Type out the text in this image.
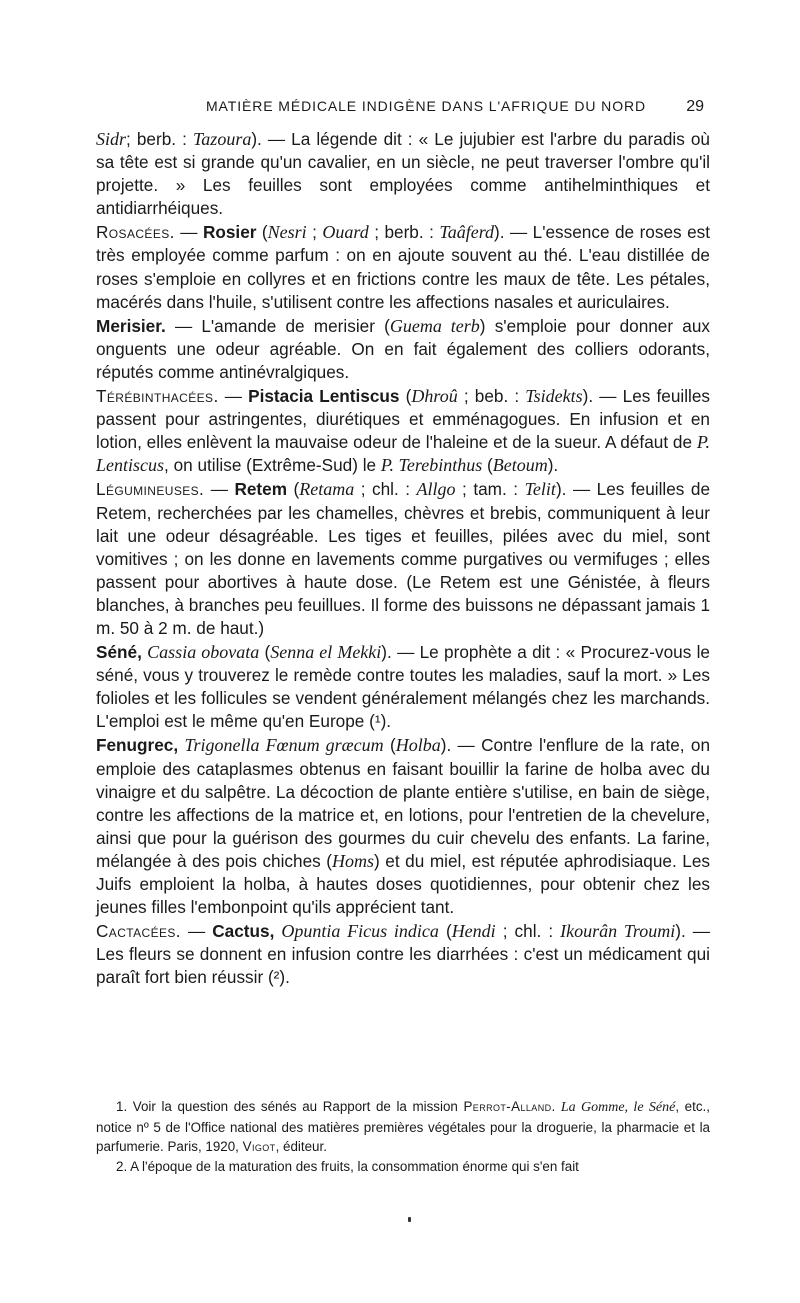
MATIÈRE MÉDICALE INDIGÈNE DANS L'AFRIQUE DU NORD	29

Sidr; berb. : Tazoura). — La légende dit : « Le jujubier est l'arbre du paradis où sa tête est si grande qu'un cavalier, en un siècle, ne peut traverser l'ombre qu'il projette. » Les feuilles sont employées comme antihelminthiques et antidiarrhéiques.

Rosacées. — Rosier (Nesri ; Ouard ; berb. : Taâferd). — L'essence de roses est très employée comme parfum : on en ajoute souvent au thé. L'eau distillée de roses s'emploie en collyres et en frictions contre les maux de tête. Les pétales, macérés dans l'huile, s'utilisent contre les affections nasales et auriculaires.

Merisier. — L'amande de merisier (Guema terb) s'emploie pour donner aux onguents une odeur agréable. On en fait également des colliers odorants, réputés comme antinévralgiques.

Térébinthacées. — Pistacia Lentiscus (Dhroû ; beb. : Tsidekts). — Les feuilles passent pour astringentes, diurétiques et emménagogues. En infusion et en lotion, elles enlèvent la mauvaise odeur de l'haleine et de la sueur. A défaut de P. Lentiscus, on utilise (Extrême-Sud) le P. Terebinthus (Betoum).

Légumineuses. — Retem (Retama ; chl. : Allgo ; tam. : Telit). — Les feuilles de Retem, recherchées par les chamelles, chèvres et brebis, communiquent à leur lait une odeur désagréable. Les tiges et feuilles, pilées avec du miel, sont vomitives ; on les donne en lavements comme purgatives ou vermifuges ; elles passent pour abortives à haute dose. (Le Retem est une Génistée, à fleurs blanches, à branches peu feuillues. Il forme des buissons ne dépassant jamais 1 m. 50 à 2 m. de haut.)

Séné, Cassia obovata (Senna el Mekki). — Le prophète a dit : « Procurez-vous le séné, vous y trouverez le remède contre toutes les maladies, sauf la mort. » Les folioles et les follicules se vendent généralement mélangés chez les marchands. L'emploi est le même qu'en Europe (¹).

Fenugrec, Trigonella Fœnum græcum (Holba). — Contre l'enflure de la rate, on emploie des cataplasmes obtenus en faisant bouillir la farine de holba avec du vinaigre et du salpêtre. La décoction de plante entière s'utilise, en bain de siège, contre les affections de la matrice et, en lotions, pour l'entretien de la chevelure, ainsi que pour la guérison des gourmes du cuir chevelu des enfants. La farine, mélangée à des pois chiches (Homs) et du miel, est réputée aphrodisiaque. Les Juifs emploient la holba, à hautes doses quotidiennes, pour obtenir chez les jeunes filles l'embonpoint qu'ils apprécient tant.

Cactacées. — Cactus, Opuntia Ficus indica (Hendi ; chl. : Ikourân Troumi). — Les fleurs se donnent en infusion contre les diarrhées : c'est un médicament qui paraît fort bien réussir (²).

1. Voir la question des sénés au Rapport de la mission Perrot-Alland. La Gomme, le Séné, etc., notice nº 5 de l'Office national des matières premières végétales pour la droguerie, la pharmacie et la parfumerie. Paris, 1920, Vigot, éditeur.

2. A l'époque de la maturation des fruits, la consommation énorme qui s'en fait
